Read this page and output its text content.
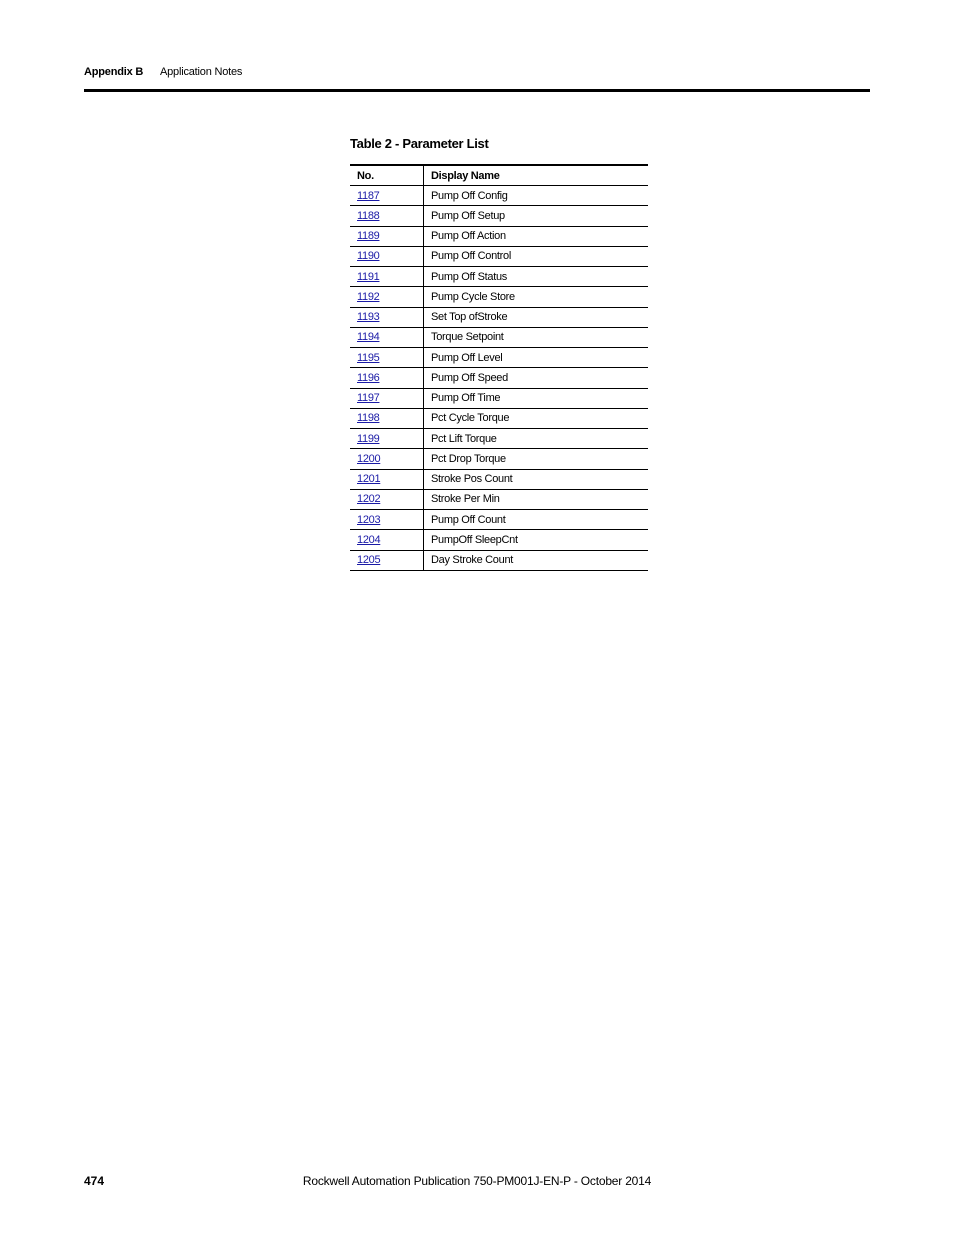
Appendix B Application Notes
Table 2 - Parameter List
No.	Display Name
1187	Pump Off Config
1188	Pump Off Setup
1189	Pump Off Action
1190	Pump Off Control
1191	Pump Off Status
1192	Pump Cycle Store
1193	Set Top ofStroke
1194	Torque Setpoint
1195	Pump Off Level
1196	Pump Off Speed
1197	Pump Off Time
1198	Pct Cycle Torque
1199	Pct Lift Torque
1200	Pct Drop Torque
1201	Stroke Pos Count
1202	Stroke Per Min
1203	Pump Off Count
1204	PumpOff SleepCnt
1205	Day Stroke Count
474	Rockwell Automation Publication 750-PM001J-EN-P - October 2014
